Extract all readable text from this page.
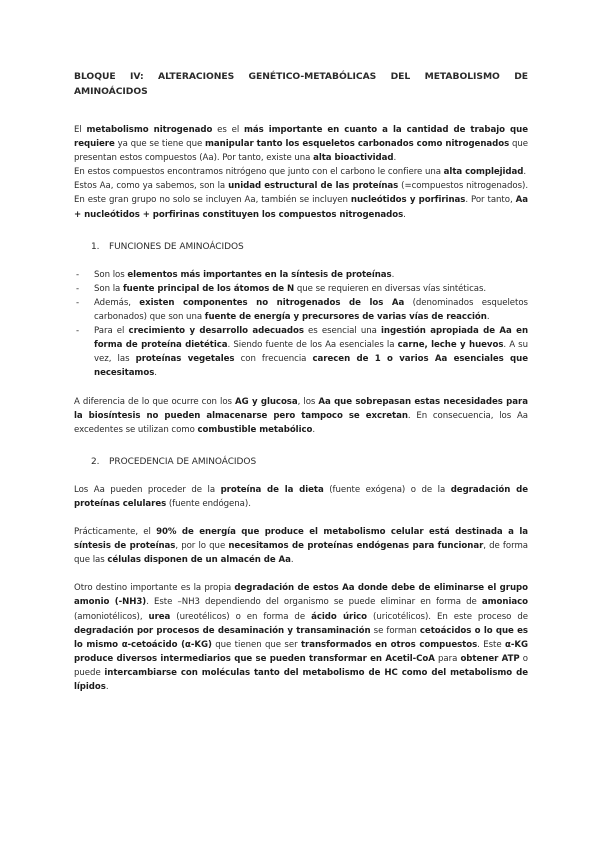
BLOQUE IV: ALTERACIONES GENÉTICO-METABÓLICAS DEL METABOLISMO DE
AMINOÁCIDOS

El metabolismo nitrogenado es el más importante en cuanto a la cantidad de trabajo que requiere ya que se tiene que manipular tanto los esqueletos carbonados como nitrogenados que presentan estos compuestos (Aa). Por tanto, existe una alta bioactividad.

En estos compuestos encontramos nitrógeno que junto con el carbono le confiere una alta complejidad.

Estos Aa, como ya sabemos, son la unidad estructural de las proteínas (=compuestos nitrogenados). En este gran grupo no solo se incluyen Aa, también se incluyen nucleótidos y porfirinas. Por tanto, Aa + nucleótidos + porfirinas constituyen los compuestos nitrogenados.

1. FUNCIONES DE AMINOÁCIDOS
- Son los elementos más importantes en la síntesis de proteínas.
- Son la fuente principal de los átomos de N que se requieren en diversas vías sintéticas.
- Además, existen componentes no nitrogenados de los Aa (denominados esqueletos carbonados) que son una fuente de energía y precursores de varias vías de reacción.
- Para el crecimiento y desarrollo adecuados es esencial una ingestión apropiada de Aa en forma de proteína dietética. Siendo fuente de los Aa esenciales la carne, leche y huevos. A su vez, las proteínas vegetales con frecuencia carecen de 1 o varios Aa esenciales que necesitamos.

A diferencia de lo que ocurre con los AG y glucosa, los Aa que sobrepasan estas necesidades para la biosíntesis no pueden almacenarse pero tampoco se excretan. En consecuencia, los Aa excedentes se utilizan como combustible metabólico.

2. PROCEDENCIA DE AMINOÁCIDOS

Los Aa pueden proceder de la proteína de la dieta (fuente exógena) o de la degradación de proteínas celulares (fuente endógena).

Prácticamente, el 90% de energía que produce el metabolismo celular está destinada a la síntesis de proteínas, por lo que necesitamos de proteínas endógenas para funcionar, de forma que las células disponen de un almacén de Aa.

Otro destino importante es la propia degradación de estos Aa donde debe de eliminarse el grupo amonio (-NH3). Este –NH3 dependiendo del organismo se puede eliminar en forma de amoniaco (amoniotélicos), urea (ureotélicos) o en forma de ácido úrico (uricotélicos). En este proceso de degradación por procesos de desaminación y transaminación se forman cetoácidos o lo que es lo mismo α-cetoácido (α-KG) que tienen que ser transformados en otros compuestos. Este α-KG produce diversos intermediarios que se pueden transformar en Acetil-CoA para obtener ATP o puede intercambiarse con moléculas tanto del metabolismo de HC como del metabolismo de lípidos.
